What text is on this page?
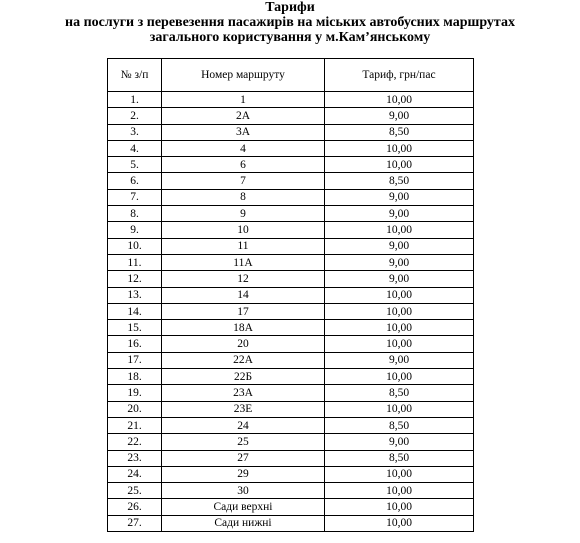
Тарифи
на послуги з перевезення пасажирів на міських автобусних маршрутах
загального користування у м.Кам’янському
№ з/п	Номер маршруту	Тариф, грн/пас
1.	1	10,00
2.	2А	9,00
3.	3А	8,50
4.	4	10,00
5.	6	10,00
6.	7	8,50
7.	8	9,00
8.	9	9,00
9.	10	10,00
10.	11	9,00
11.	11А	9,00
12.	12	9,00
13.	14	10,00
14.	17	10,00
15.	18А	10,00
16.	20	10,00
17.	22А	9,00
18.	22Б	10,00
19.	23А	8,50
20.	23Е	10,00
21.	24	8,50
22.	25	9,00
23.	27	8,50
24.	29	10,00
25.	30	10,00
26.	Сади верхні	10,00
27.	Сади нижні	10,00
